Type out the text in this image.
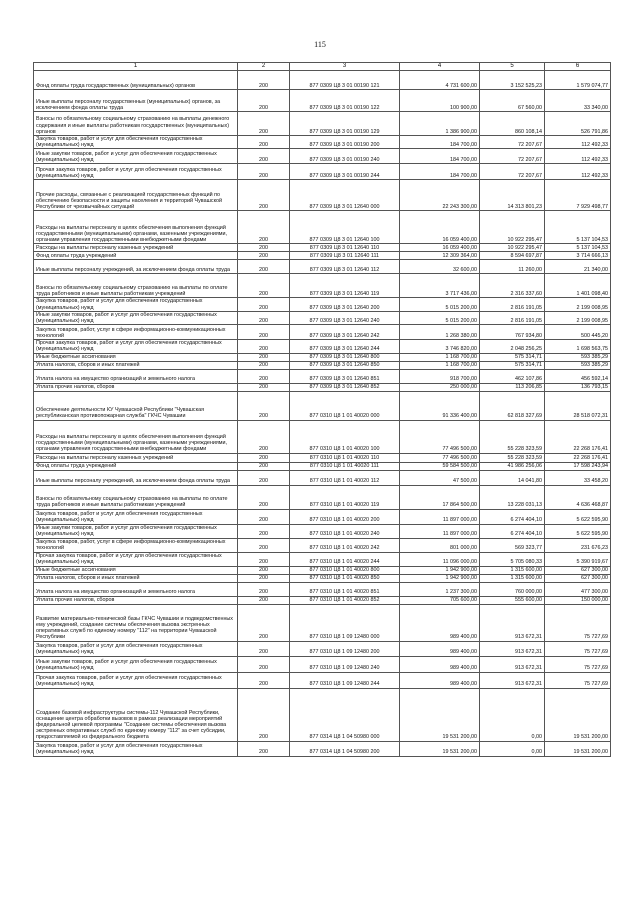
115
1	2	3	4	5	6
Фонд оплаты труда государственных (муниципальных) органов	200	877 0309 Ц8 3 01 00190 121	4 731 600,00	3 152 525,23	1 579 074,77
Иные выплаты персоналу государственных (муниципальных) органов, за исключением фонда оплаты труда	200	877 0309 Ц8 3 01 00190 122	100 900,00	67 560,00	33 340,00
Взносы по обязательному социальному страхованию на выплаты денежного содержания и иные выплаты работникам государственных (муниципальных) органов	200	877 0309 Ц8 3 01 00190 129	1 386 900,00	860 108,14	526 791,86
Закупка товаров, работ и услуг для обеспечения государственных (муниципальных) нужд	200	877 0309 Ц8 3 01 00190 200	184 700,00	72 207,67	112 492,33
Иные закупки товаров, работ и услуг для обеспечения государственных (муниципальных) нужд	200	877 0309 Ц8 3 01 00190 240	184 700,00	72 207,67	112 492,33
Прочая закупка товаров, работ и услуг для обеспечения государственных (муниципальных) нужд	200	877 0309 Ц8 3 01 00190 244	184 700,00	72 207,67	112 492,33
Прочие расходы, связанные с реализацией государственных функций по обеспечению безопасности и защиты населения и территорий Чувашской Республики от чрезвычайных ситуаций	200	877 0309 Ц8 3 01 12640 000	22 243 300,00	14 313 801,23	7 929 498,77
Расходы на выплаты персоналу в целях обеспечения выполнения функций государственными (муниципальными) органами, казенными учреждениями, органами управления государственными внебюджетными фондами	200	877 0309 Ц8 3 01 12640 100	16 059 400,00	10 922 295,47	5 137 104,53
Расходы на выплаты персоналу казенных учреждений	200	877 0309 Ц8 3 01 12640 110	16 059 400,00	10 922 295,47	5 137 104,53
Фонд оплаты труда учреждений	200	877 0309 Ц8 3 01 12640 111	12 309 364,00	8 594 697,87	3 714 666,13
Иные выплаты персоналу учреждений, за исключением фонда оплаты труда	200	877 0309 Ц8 3 01 12640 112	32 600,00	11 260,00	21 340,00
Взносы по обязательному социальному страхованию на выплаты по оплате труда работников и иные выплаты работникам учреждений	200	877 0309 Ц8 3 01 12640 119	3 717 436,00	2 316 337,60	1 401 098,40
Закупка товаров, работ и услуг для обеспечения государственных (муниципальных) нужд	200	877 0309 Ц8 3 01 12640 200	5 015 200,00	2 816 191,05	2 199 008,95
Иные закупки товаров, работ и услуг для обеспечения государственных (муниципальных) нужд	200	877 0309 Ц8 3 01 12640 240	5 015 200,00	2 816 191,05	2 199 008,95
Закупка товаров, работ, услуг в сфере информационно-коммуникационных технологий	200	877 0309 Ц8 3 01 12640 242	1 268 380,00	767 934,80	500 445,20
Прочая закупка товаров, работ и услуг для обеспечения государственных (муниципальных) нужд	200	877 0309 Ц8 3 01 12640 244	3 746 820,00	2 048 256,25	1 698 563,75
Иные бюджетные ассигнования	200	877 0309 Ц8 3 01 12640 800	1 168 700,00	575 314,71	593 385,29
Уплата налогов, сборов и иных платежей	200	877 0309 Ц8 3 01 12640 850	1 168 700,00	575 314,71	593 385,29
Уплата налога на имущество организаций и земельного налога	200	877 0309 Ц8 3 01 12640 851	918 700,00	462 107,86	456 592,14
Уплата прочих налогов, сборов	200	877 0309 Ц8 3 01 12640 852	250 000,00	113 206,85	136 793,15
Обеспечение деятельности КУ Чувашской Республики "Чувашская республиканская противопожарная служба" ГКЧС Чувашии	200	877 0310 Ц8 1 01 40020 000	91 336 400,00	62 818 327,69	28 518 072,31
Расходы на выплаты персоналу в целях обеспечения выполнения функций государственными (муниципальными) органами, казенными учреждениями, органами управления государственными внебюджетными фондами	200	877 0310 Ц8 1 01 40020 100	77 496 500,00	55 228 323,59	22 268 176,41
Расходы на выплаты персоналу казенных учреждений	200	877 0310 Ц8 1 01 40020 110	77 496 500,00	55 228 323,59	22 268 176,41
Фонд оплаты труда учреждений	200	877 0310 Ц8 1 01 40020 111	59 584 500,00	41 986 256,06	17 598 243,94
Иные выплаты персоналу учреждений, за исключением фонда оплаты труда	200	877 0310 Ц8 1 01 40020 112	47 500,00	14 041,80	33 458,20
Взносы по обязательному социальному страхованию на выплаты по оплате труда работников и иные выплаты работникам учреждений	200	877 0310 Ц8 1 01 40020 119	17 864 500,00	13 228 031,13	4 636 468,87
Закупка товаров, работ и услуг для обеспечения государственных (муниципальных) нужд	200	877 0310 Ц8 1 01 40020 200	11 897 000,00	6 274 404,10	5 622 595,90
Иные закупки товаров, работ и услуг для обеспечения государственных (муниципальных) нужд	200	877 0310 Ц8 1 01 40020 240	11 897 000,00	6 274 404,10	5 622 595,90
Закупка товаров, работ, услуг в сфере информационно-коммуникационных технологий	200	877 0310 Ц8 1 01 40020 242	801 000,00	569 323,77	231 676,23
Прочая закупка товаров, работ и услуг для обеспечения государственных (муниципальных) нужд	200	877 0310 Ц8 1 01 40020 244	11 096 000,00	5 705 080,33	5 390 919,67
Иные бюджетные ассигнования	200	877 0310 Ц8 1 01 40020 800	1 942 900,00	1 315 600,00	627 300,00
Уплата налогов, сборов и иных платежей	200	877 0310 Ц8 1 01 40020 850	1 942 900,00	1 315 600,00	627 300,00
Уплата налога на имущество организаций и земельного налога	200	877 0310 Ц8 1 01 40020 851	1 237 300,00	760 000,00	477 300,00
Уплата прочих налогов, сборов	200	877 0310 Ц8 1 01 40020 852	705 600,00	555 600,00	150 000,00
Развитие материально-технической базы ГКЧС Чувашии и подведомственных ему учреждений, создание системы обеспечения вызова экстренных оперативных служб по единому номеру "112" на территории Чувашской Республики	200	877 0310 Ц8 1 09 12480 000	989 400,00	913 672,31	75 727,69
Закупка товаров, работ и услуг для обеспечения государственных (муниципальных) нужд	200	877 0310 Ц8 1 09 12480 200	989 400,00	913 672,31	75 727,69
Иные закупки товаров, работ и услуг для обеспечения государственных (муниципальных) нужд	200	877 0310 Ц8 1 09 12480 240	989 400,00	913 672,31	75 727,69
Прочая закупка товаров, работ и услуг для обеспечения государственных (муниципальных) нужд	200	877 0310 Ц8 1 09 12480 244	989 400,00	913 672,31	75 727,69
Создание базовой инфраструктуры системы-112 Чувашской Республики, оснащение центра обработки вызовов в рамках реализации мероприятий федеральной целевой программы "Создание системы обеспечения вызова экстренных оперативных служб по единому номеру "112" за счет субсидии, предоставляемой из федерального бюджета	200	877 0314 Ц8 1 04 50980 000	19 531 200,00	0,00	19 531 200,00
Закупка товаров, работ и услуг для обеспечения государственных (муниципальных) нужд	200	877 0314 Ц8 1 04 50980 200	19 531 200,00	0,00	19 531 200,00
